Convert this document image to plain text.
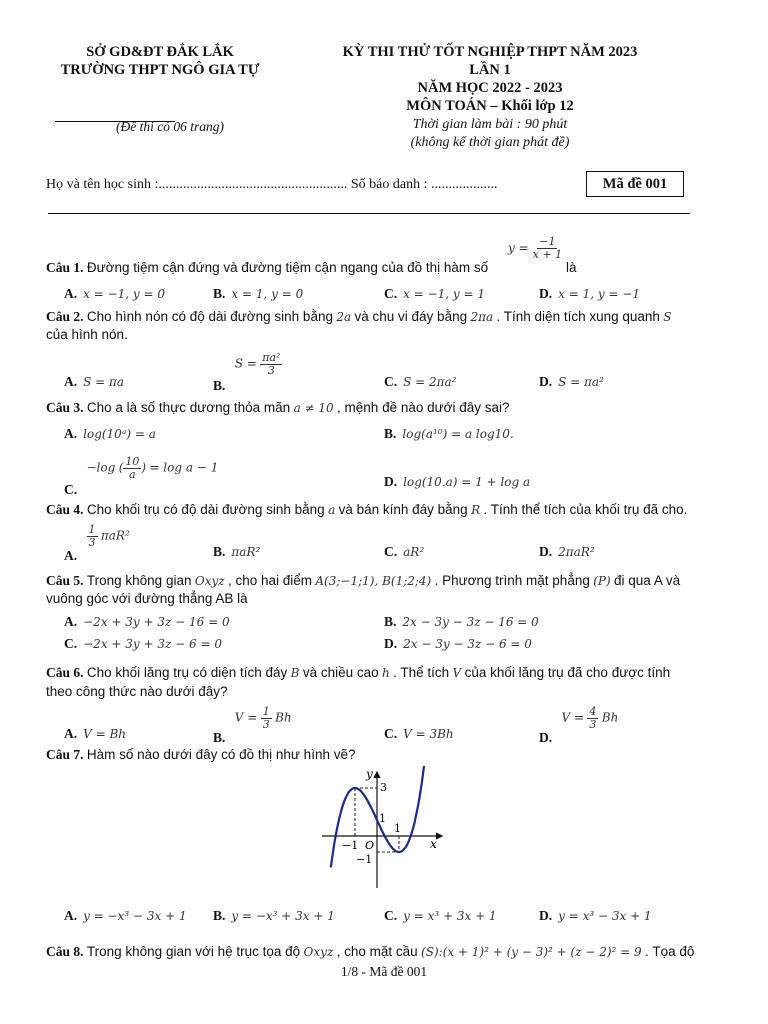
SỞ GD&ĐT ĐẮK LẮK
TRƯỜNG THPT NGÔ GIA TỰ
(Đề thi có 06 trang)
KỲ THI THỬ TỐT NGHIỆP THPT NĂM 2023
LẦN 1
NĂM HỌC 2022 - 2023
MÔN TOÁN – Khối lớp 12
Thời gian làm bài : 90 phút
(không kể thời gian phát đề)
Họ và tên học sinh :...................................................... Số báo danh : ...................	Mã đề 001
Câu 1. Đường tiệm cận đứng và đường tiệm cận ngang của đồ thị hàm số
$y = \frac{-1}{x + 1}$
là
A. x = −1, y = 0	B. x = 1, y = 0	C. x = −1, y = 1	D. x = 1, y = −1
Câu 2. Cho hình nón có độ dài đường sinh bằng 2a và chu vi đáy bằng 2πa . Tính diện tích xung quanh S
của hình nón.
A. S = πa	B. $S = \frac{\text{πa²}}{3}$
C. S = 2πa²	D. S = πa²
Câu 3. Cho a là số thực dương thỏa mãn a ≠ 10 , mệnh đề nào dưới đây sai?
A. log(10ᵃ) = a	B. log(a¹⁰) = a log10.
C. −log ( $\frac{10}{a}$ ) = log a − 1
D. log(10.a) = 1 + log a
Câu 4. Cho khối trụ có độ dài đường sinh bằng a và bán kính đáy bằng R . Tính thể tích của khối trụ đã cho.
A.
$\frac{1}{3} \pi aR^2$
B. πaR²	C. aR²	D. 2πaR²
Câu 5. Trong không gian Oxyz , cho hai điểm A(3;−1;1), B(1;2;4) . Phương trình mặt phẳng (P) đi qua A và
vuông góc với đường thẳng AB là
A. −2x + 3y + 3z − 16 = 0	B. 2x − 3y − 3z − 16 = 0
C. −2x + 3y + 3z − 6 = 0	D. 2x − 3y − 3z − 6 = 0
Câu 6. Cho khối lăng trụ có diện tích đáy B và chiều cao h . Thể tích V của khối lăng trụ đã cho được tính
theo công thức nào dưới đây?
A. V = Bh	B. $V = \frac{1}{3}$ Bh
C. V = 3Bh	D. $V = \frac{4}{3}$ Bh
Câu 7. Hàm số nào dưới đây có đồ thị như hình vẽ?
y
x
O
3
1
1
−1
−1
A. y = −x³ − 3x + 1 B. y = −x³ + 3x + 1	C. y = x³ + 3x + 1	D. y = x³ − 3x + 1
Câu 8. Trong không gian với hệ trục tọa độ Oxyz , cho mặt cầu (S):(x + 1)² + (y − 3)² + (z − 2)² = 9 . Tọa độ
1/8 - Mã đề 001
